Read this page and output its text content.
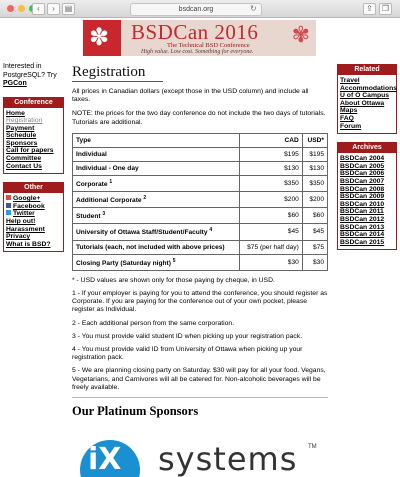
‹	›	▤	bsdcan.org	↻	⇪	❐
✽ BSDCan 2016
The Technical BSD Conference
High value. Low cost. Something for everyone.
✾
Interested in PostgreSQL? Try PGCon
Conference
Home
Registration
Payment
Schedule
Sponsors
Call for papers
Committee
Contact Us
Other
Google+
Facebook
Twitter
Help out!
Harassment
Privacy
What is BSD?
Registration

All prices in Canadian dollars (except those in the USD column) and include all taxes.

NOTE: the prices for the two day conference do not include the two days of tutorials. Tutorials are additional.

Type	CAD	USD*
Individual	$195	$195
Individual - One day	$130	$130
Corporate $^1$	$350	$350
Additional Corporate $^2$	$200	$200
Student $^3$	$60	$60
University of Ottawa Staff/Student/Faculty $^4$	$45	$45
Tutorials (each, not included with above prices)	$75 (per half day)	$75
Closing Party (Saturday night) $^5$	$30	$30

* - USD values are shown only for those paying by cheque, in USD.

1 - If your employer is paying for you to attend the conference, you should register as Corporate. If you are paying for the conference out of your own pocket, please register as Individual.

2 - Each additional person from the same corporation.

3 - You must provide valid student ID when picking up your registration pack.

4 - You must provide valid ID from University of Ottawa when picking up your registration pack.

5 - We are planning closing party on Saturday. $30 will pay for all your food. Vegans, Vegetarians, and Carnivores will all be catered for. Non-alcoholic beverages will be freely available.

Our Platinum Sponsors
Related
Travel
Accommodations
U of O Campus
About Ottawa
Maps
FAQ
Forum
Archives
BSDCan 2004
BSDCan 2005
BSDCan 2006
BSDCan 2007
BSDCan 2008
BSDCan 2009
BSDCan 2010
BSDCan 2011
BSDCan 2012
BSDCan 2013
BSDCan 2014
BSDCan 2015
iX systems TM
